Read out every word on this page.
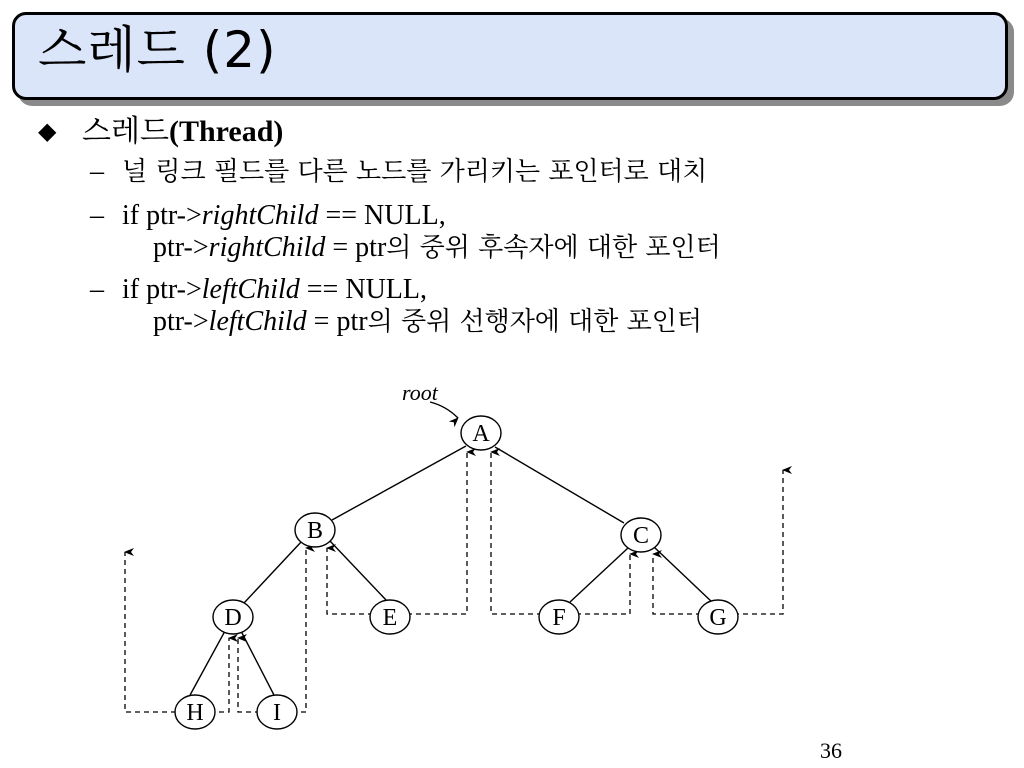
스레드 (2)
◆ 스레드(Thread)
– 널 링크 필드를 다른 노드를 가리키는 포인터로 대치
– if ptr->rightChild == NULL,
ptr->rightChild = ptr의 중위 후속자에 대한 포인터
– if ptr->leftChild == NULL,
ptr->leftChild = ptr의 중위 선행자에 대한 포인터
root
A
B	C
D	E	F	G
H	I
36
